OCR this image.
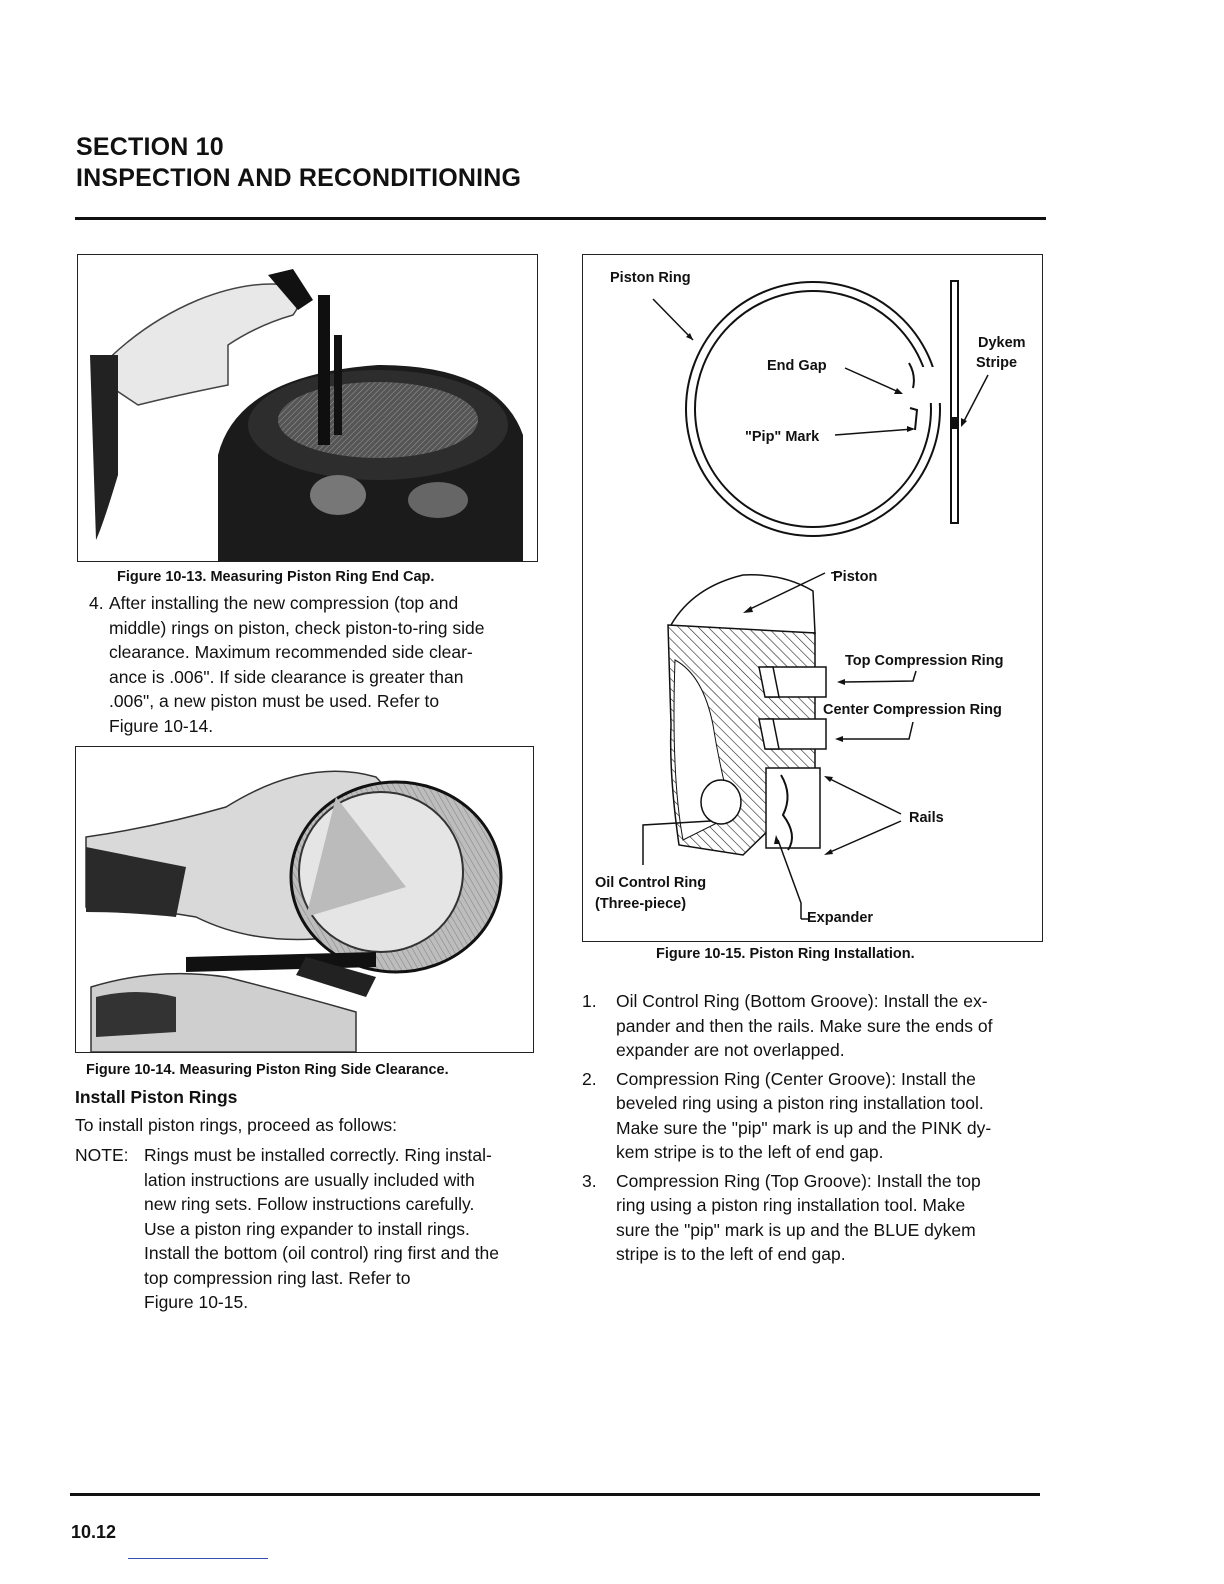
SECTION 10
INSPECTION AND RECONDITIONING
Figure 10-13. Measuring Piston Ring End Cap.
4. After installing the new compression (top and
middle) rings on piston, check piston-to-ring side
clearance. Maximum recommended side clear-
ance is .006". If side clearance is greater than
.006", a new piston must be used. Refer to
Figure 10-14.
Figure 10-14. Measuring Piston Ring Side Clearance.
Install Piston Rings
To install piston rings, proceed as follows:
NOTE: Rings must be installed correctly. Ring instal-
lation instructions are usually included with
new ring sets. Follow instructions carefully.
Use a piston ring expander to install rings.
Install the bottom (oil control) ring first and the
top compression ring last. Refer to
Figure 10-15.
Piston Ring
End Gap
"Pip" Mark
Dykem
Stripe
Piston
Top Compression Ring
Center Compression Ring
Rails
Oil Control Ring
(Three-piece)
Expander
Figure 10-15. Piston Ring Installation.
1. Oil Control Ring (Bottom Groove): Install the ex-
pander and then the rails. Make sure the ends of
expander are not overlapped.
2. Compression Ring (Center Groove): Install the
beveled ring using a piston ring installation tool.
Make sure the "pip" mark is up and the PINK dy-
kem stripe is to the left of end gap.
3. Compression Ring (Top Groove): Install the top
ring using a piston ring installation tool. Make
sure the "pip" mark is up and the BLUE dykem
stripe is to the left of end gap.
10.12
